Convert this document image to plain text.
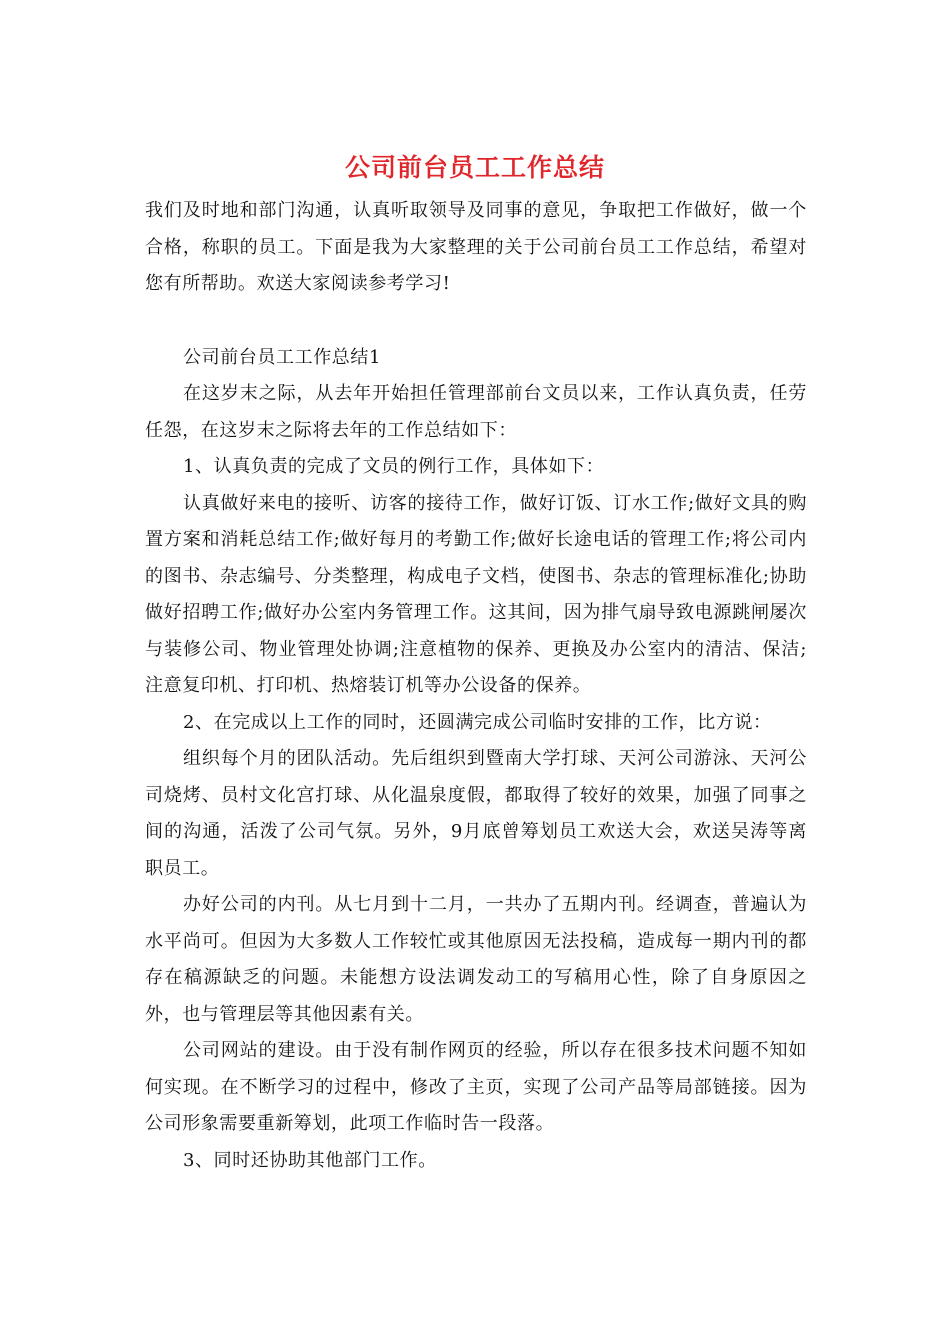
公司前台员工工作总结

我们及时地和部门沟通，认真听取领导及同事的意见，争取把工作做好，做一个合格，称职的员工。下面是我为大家整理的关于公司前台员工工作总结，希望对您有所帮助。欢送大家阅读参考学习!

公司前台员工工作总结1

在这岁末之际，从去年开始担任管理部前台文员以来，工作认真负责，任劳任怨，在这岁末之际将去年的工作总结如下：

1、认真负责的完成了文员的例行工作，具体如下：

认真做好来电的接听、访客的接待工作，做好订饭、订水工作;做好文具的购置方案和消耗总结工作;做好每月的考勤工作;做好长途电话的管理工作;将公司内的图书、杂志编号、分类整理，构成电子文档，使图书、杂志的管理标准化;协助做好招聘工作;做好办公室内务管理工作。这其间，因为排气扇导致电源跳闸屡次与装修公司、物业管理处协调;注意植物的保养、更换及办公室内的清洁、保洁;注意复印机、打印机、热熔装订机等办公设备的保养。

2、在完成以上工作的同时，还圆满完成公司临时安排的工作，比方说：

组织每个月的团队活动。先后组织到暨南大学打球、天河公司游泳、天河公司烧烤、员村文化宫打球、从化温泉度假，都取得了较好的效果，加强了同事之间的沟通，活泼了公司气氛。另外，9月底曾筹划员工欢送大会，欢送吴涛等离职员工。

办好公司的内刊。从七月到十二月，一共办了五期内刊。经调查，普遍认为水平尚可。但因为大多数人工作较忙或其他原因无法投稿，造成每一期内刊的都存在稿源缺乏的问题。未能想方设法调发动工的写稿用心性，除了自身原因之外，也与管理层等其他因素有关。

公司网站的建设。由于没有制作网页的经验，所以存在很多技术问题不知如何实现。在不断学习的过程中，修改了主页，实现了公司产品等局部链接。因为公司形象需要重新筹划，此项工作临时告一段落。

3、同时还协助其他部门工作。
